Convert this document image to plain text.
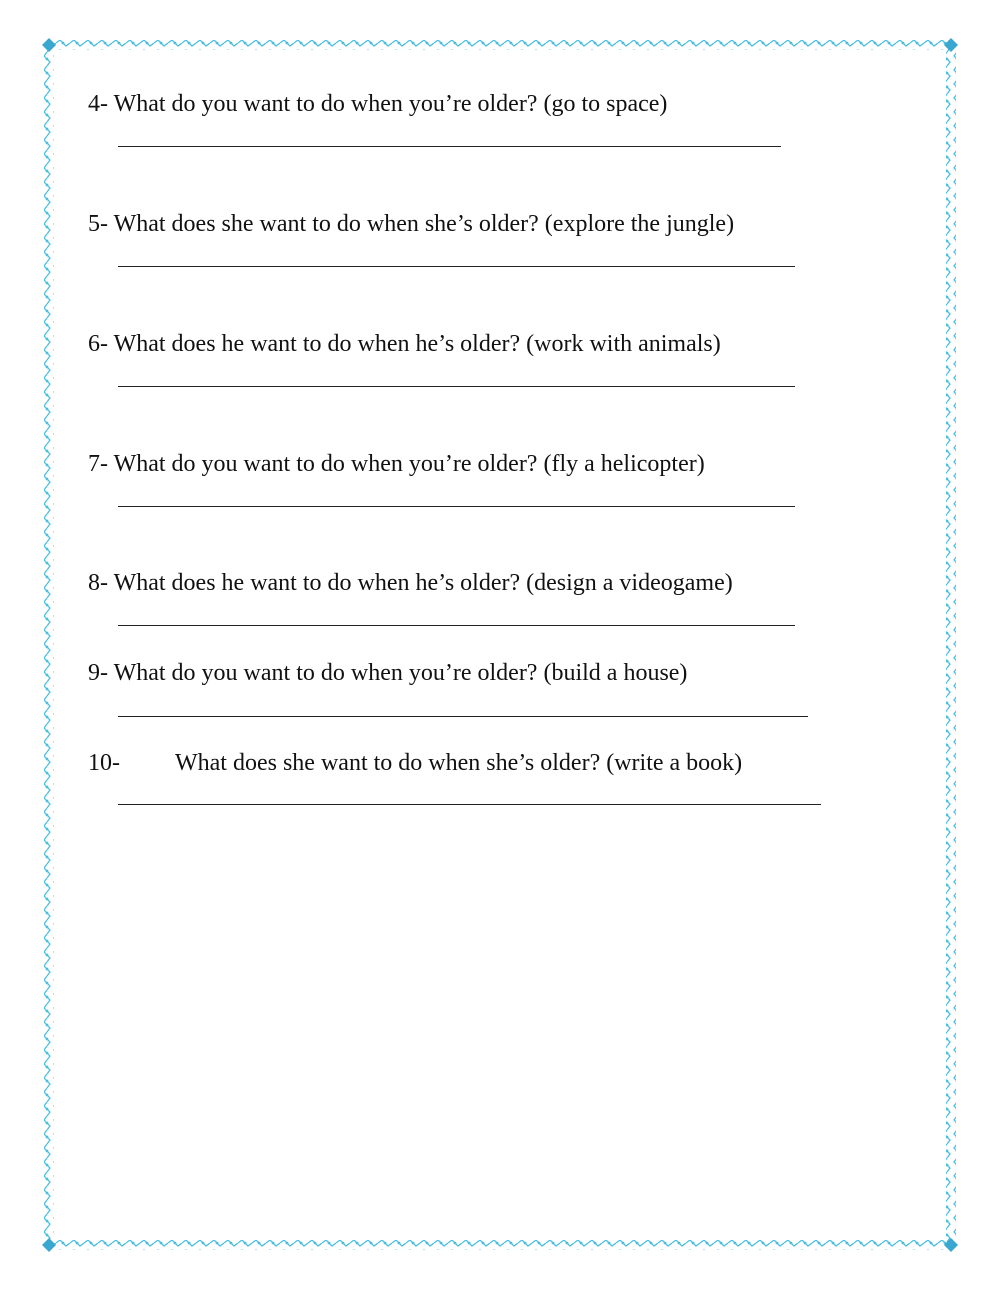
4- What do you want to do when you’re older? (go to space)
5- What does she want to do when she’s older? (explore the jungle)
6- What does he want to do when he’s older? (work with animals)
7- What do you want to do when you’re older? (fly a helicopter)
8- What does he want to do when he’s older? (design a videogame)
9- What do you want to do when you’re older? (build a house)
10- What does she want to do when she’s older? (write a book)
